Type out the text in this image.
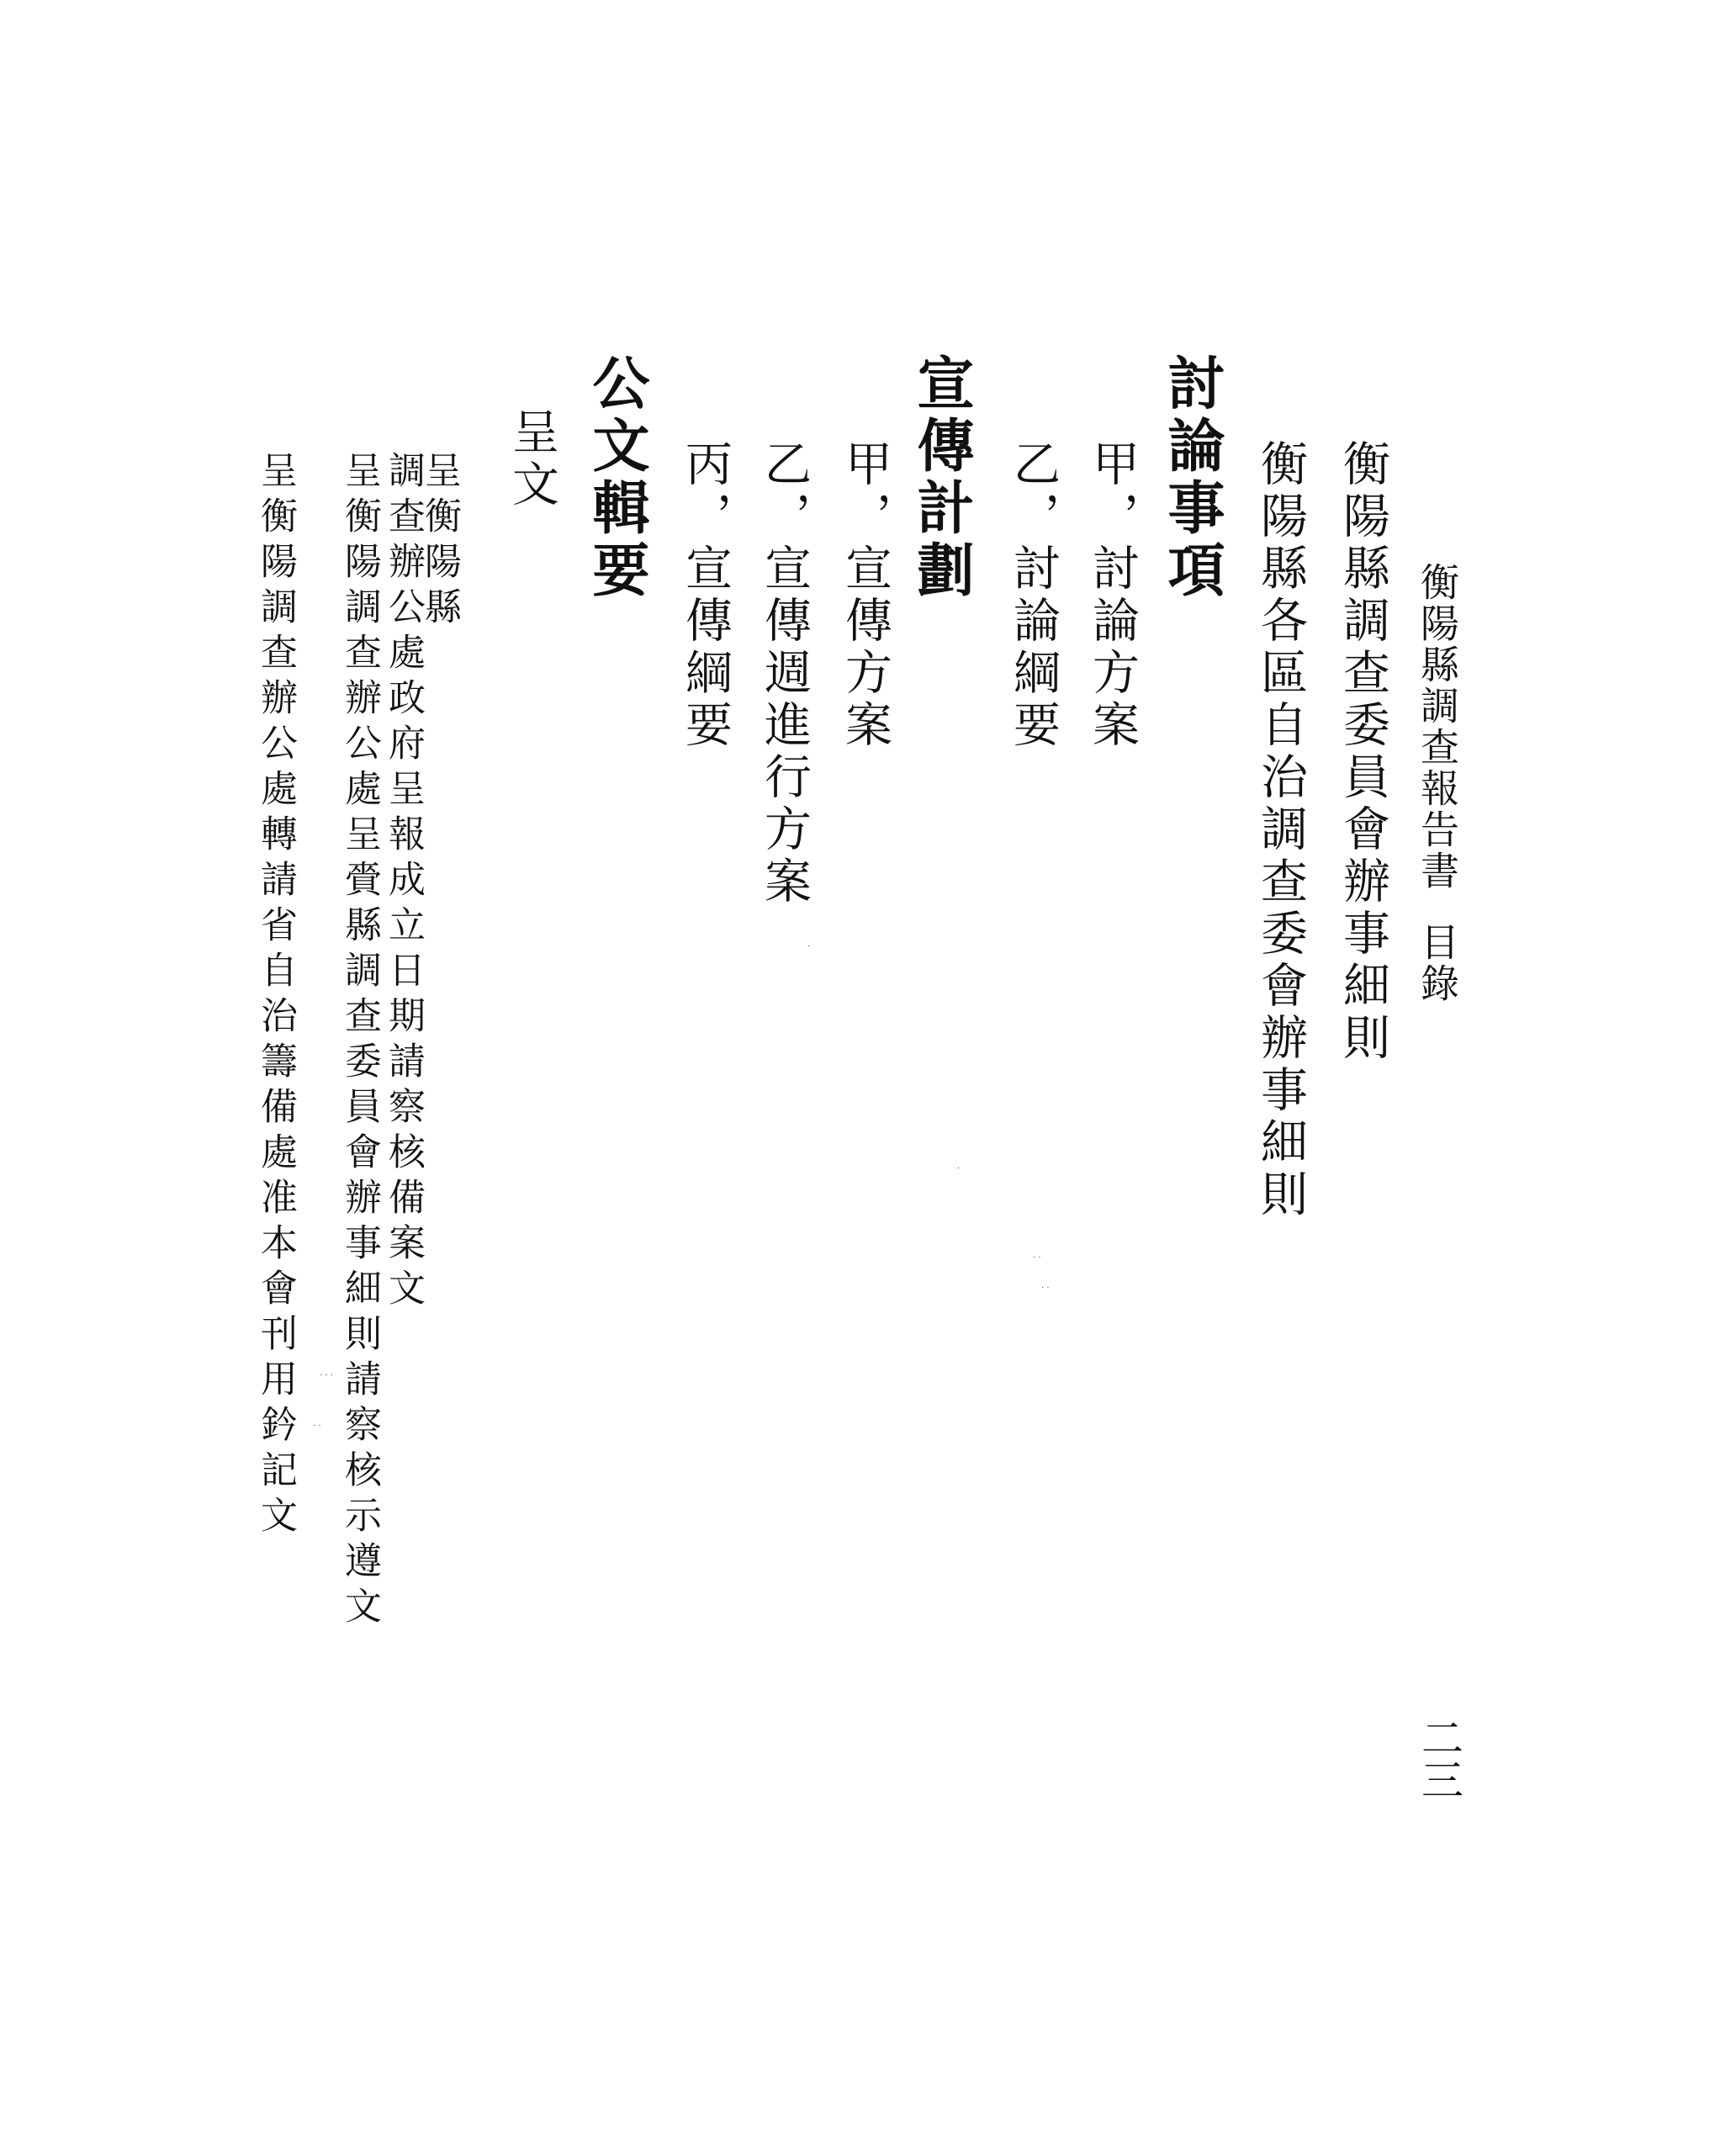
衡陽縣調查報告書目錄
二三
衡陽縣調查委員會辦事細則
衡陽縣各區自治調查委會辦事細則
討論事項
甲，討論方案
乙，討論綱要
宣傳計劃
甲，宣傳方案
乙，宣傳週進行方案
丙，宣傳綱要
公文輯要
呈文
呈衡陽縣
調查辦公處政府呈報成立日期請察核備案文
呈衡陽調查辦公處呈賫縣調查委員會辦事細則請察核示遵文
呈衡陽調查辦公處轉請省自治籌備處准本會刊用鈐記文	·
·
· ·
· ·
· · ·
· ·
